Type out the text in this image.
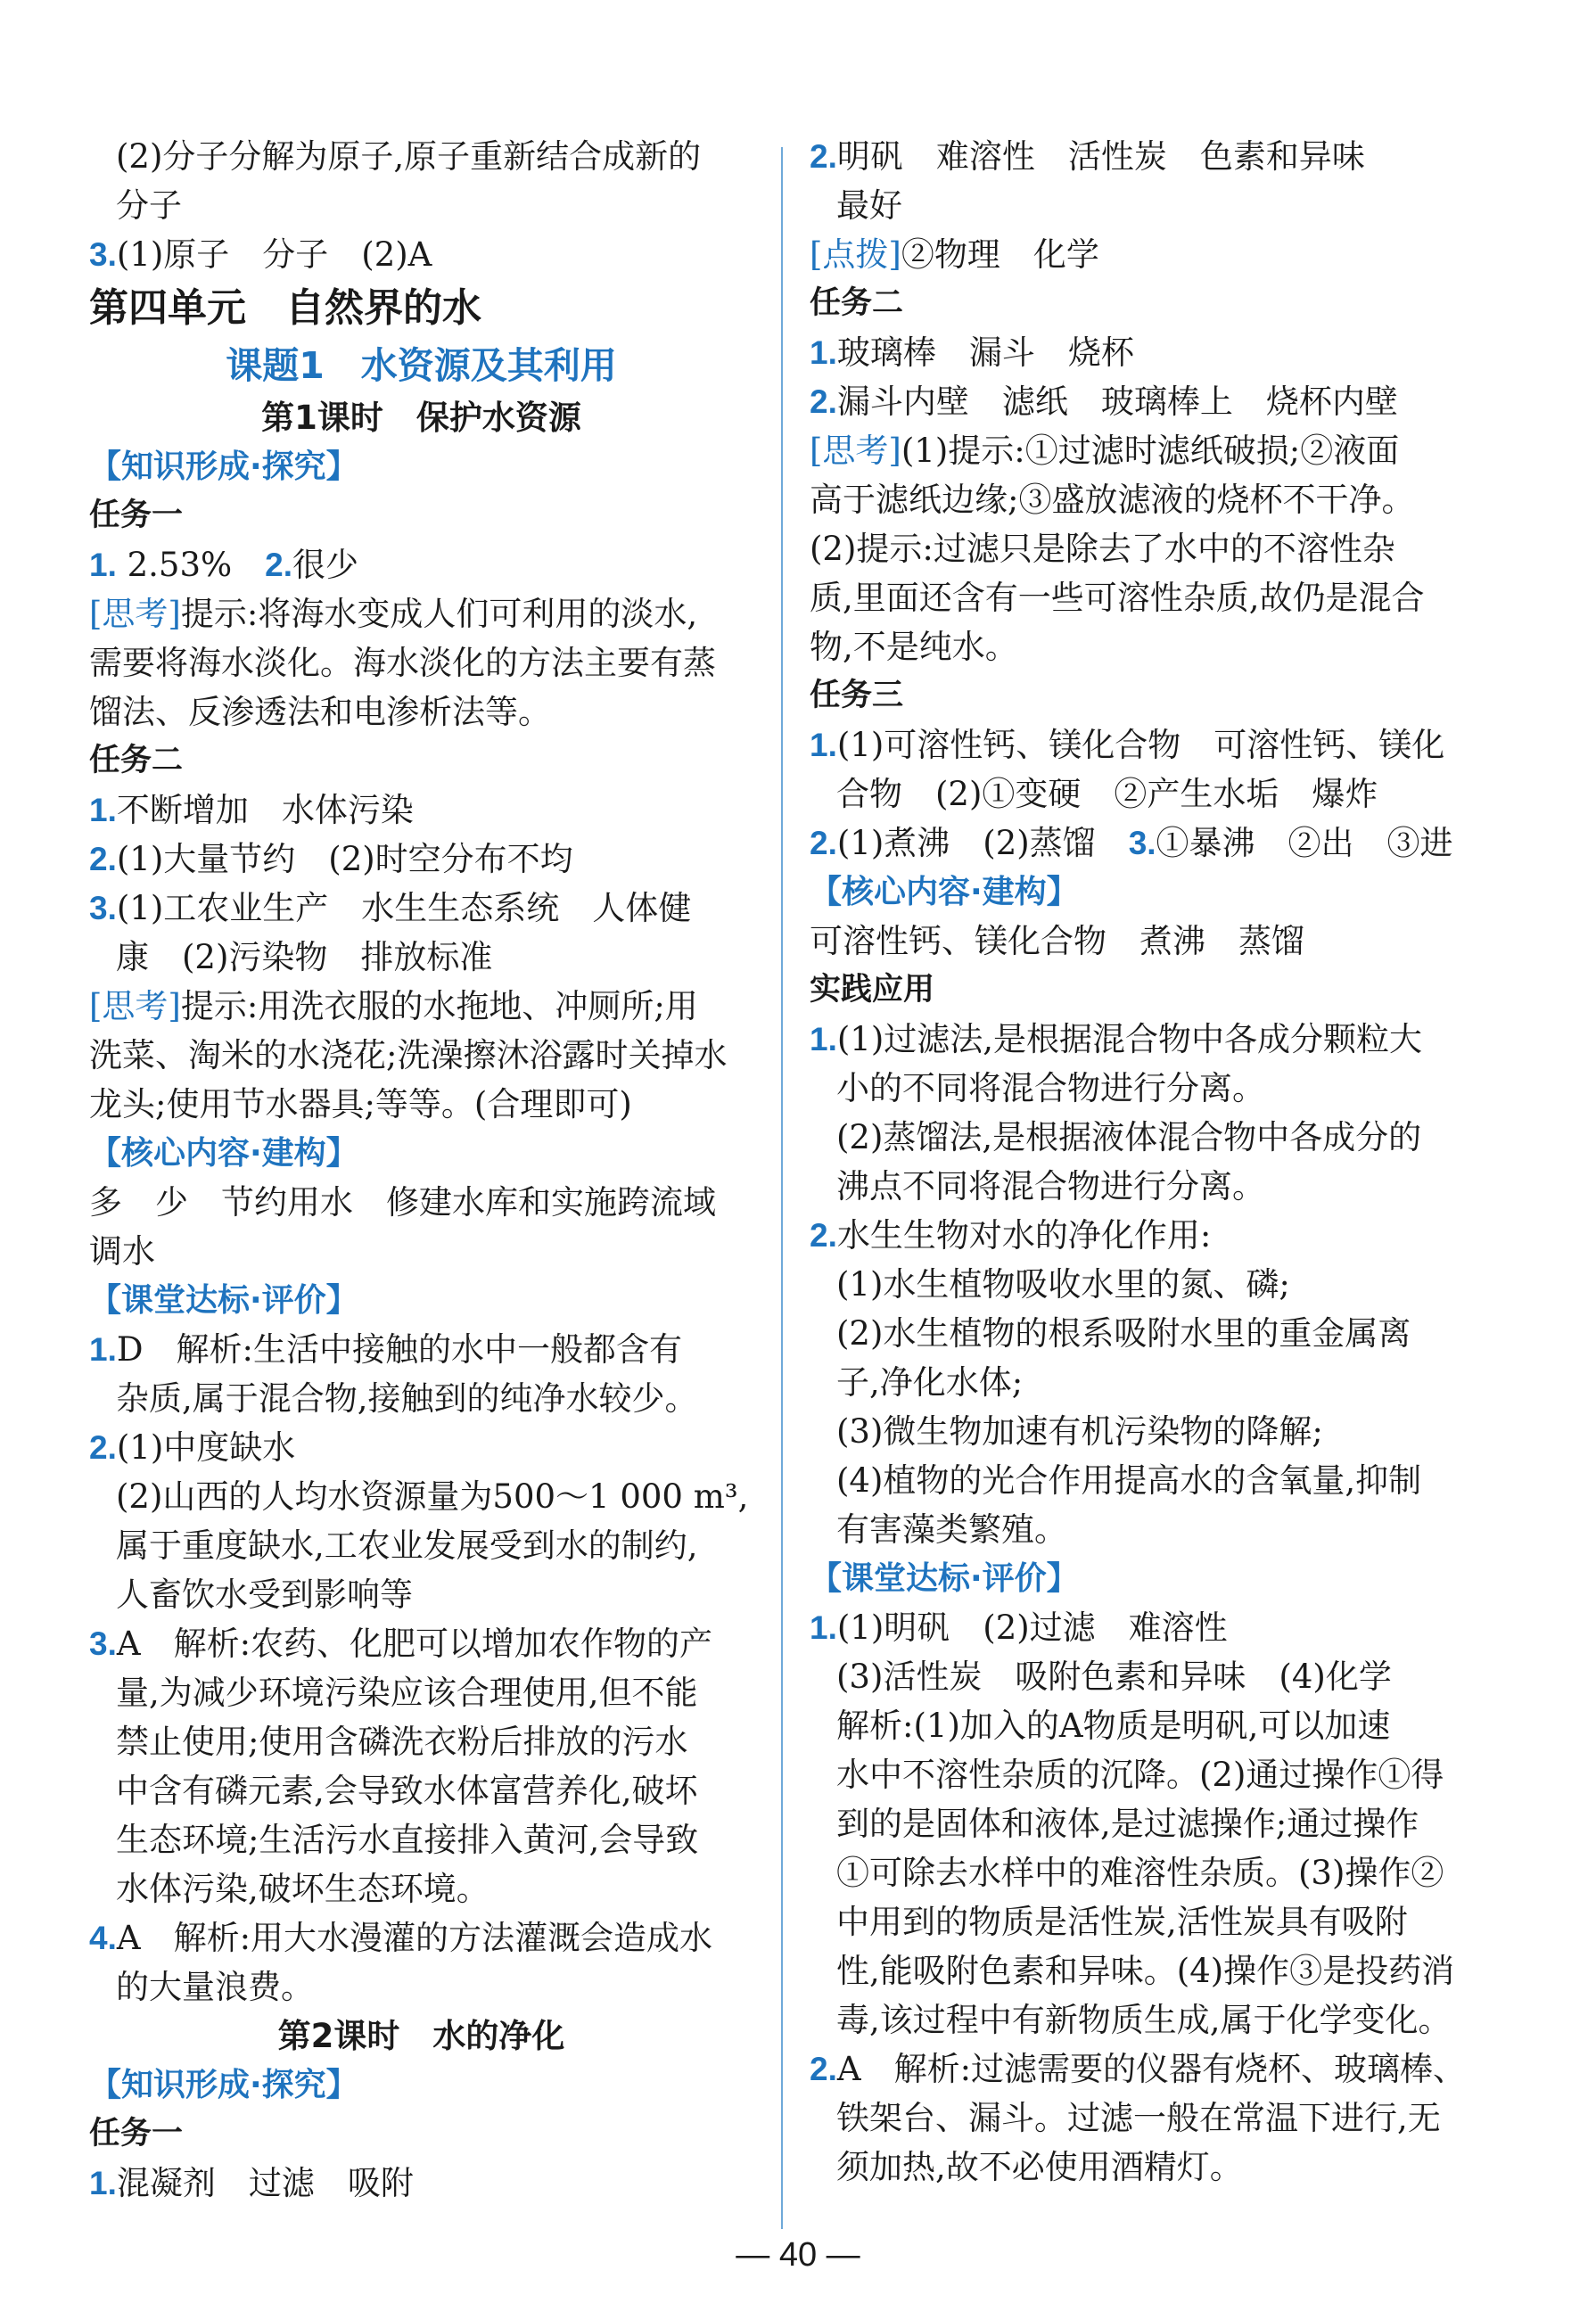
(2)分子分解为原子,原子重新结合成新的
分子
3.(1)原子　分子　(2)A
第四单元　自然界的水
课题1　水资源及其利用
第1课时　保护水资源
【知识形成·探究】
任务一
1. 2.53%　2.很少
[思考]提示:将海水变成人们可利用的淡水,
需要将海水淡化。海水淡化的方法主要有蒸
馏法、反渗透法和电渗析法等。
任务二
1.不断增加　水体污染
2.(1)大量节约　(2)时空分布不均
3.(1)工农业生产　水生生态系统　人体健
康　(2)污染物　排放标准
[思考]提示:用洗衣服的水拖地、冲厕所;用
洗菜、淘米的水浇花;洗澡擦沐浴露时关掉水
龙头;使用节水器具;等等。(合理即可)
【核心内容·建构】
多　少　节约用水　修建水库和实施跨流域
调水
【课堂达标·评价】
1.D　解析:生活中接触的水中一般都含有
杂质,属于混合物,接触到的纯净水较少。
2.(1)中度缺水
(2)山西的人均水资源量为500～1 000 m³,
属于重度缺水,工农业发展受到水的制约,
人畜饮水受到影响等
3.A　解析:农药、化肥可以增加农作物的产
量,为减少环境污染应该合理使用,但不能
禁止使用;使用含磷洗衣粉后排放的污水
中含有磷元素,会导致水体富营养化,破坏
生态环境;生活污水直接排入黄河,会导致
水体污染,破坏生态环境。
4.A　解析:用大水漫灌的方法灌溉会造成水
的大量浪费。
第2课时　水的净化
【知识形成·探究】
任务一
1.混凝剂　过滤　吸附
2.明矾　难溶性　活性炭　色素和异味
最好
[点拨]②物理　化学
任务二
1.玻璃棒　漏斗　烧杯
2.漏斗内壁　滤纸　玻璃棒上　烧杯内壁
[思考](1)提示:①过滤时滤纸破损;②液面
高于滤纸边缘;③盛放滤液的烧杯不干净。
(2)提示:过滤只是除去了水中的不溶性杂
质,里面还含有一些可溶性杂质,故仍是混合
物,不是纯水。
任务三
1.(1)可溶性钙、镁化合物　可溶性钙、镁化
合物　(2)①变硬　②产生水垢　爆炸
2.(1)煮沸　(2)蒸馏　3.①暴沸　②出　③进
【核心内容·建构】
可溶性钙、镁化合物　煮沸　蒸馏
实践应用
1.(1)过滤法,是根据混合物中各成分颗粒大
小的不同将混合物进行分离。
(2)蒸馏法,是根据液体混合物中各成分的
沸点不同将混合物进行分离。
2.水生生物对水的净化作用:
(1)水生植物吸收水里的氮、磷;
(2)水生植物的根系吸附水里的重金属离
子,净化水体;
(3)微生物加速有机污染物的降解;
(4)植物的光合作用提高水的含氧量,抑制
有害藻类繁殖。
【课堂达标·评价】
1.(1)明矾　(2)过滤　难溶性
(3)活性炭　吸附色素和异味　(4)化学
解析:(1)加入的A物质是明矾,可以加速
水中不溶性杂质的沉降。(2)通过操作①得
到的是固体和液体,是过滤操作;通过操作
①可除去水样中的难溶性杂质。(3)操作②
中用到的物质是活性炭,活性炭具有吸附
性,能吸附色素和异味。(4)操作③是投药消
毒,该过程中有新物质生成,属于化学变化。
2.A　解析:过滤需要的仪器有烧杯、玻璃棒、
铁架台、漏斗。过滤一般在常温下进行,无
须加热,故不必使用酒精灯。
— 40 —
